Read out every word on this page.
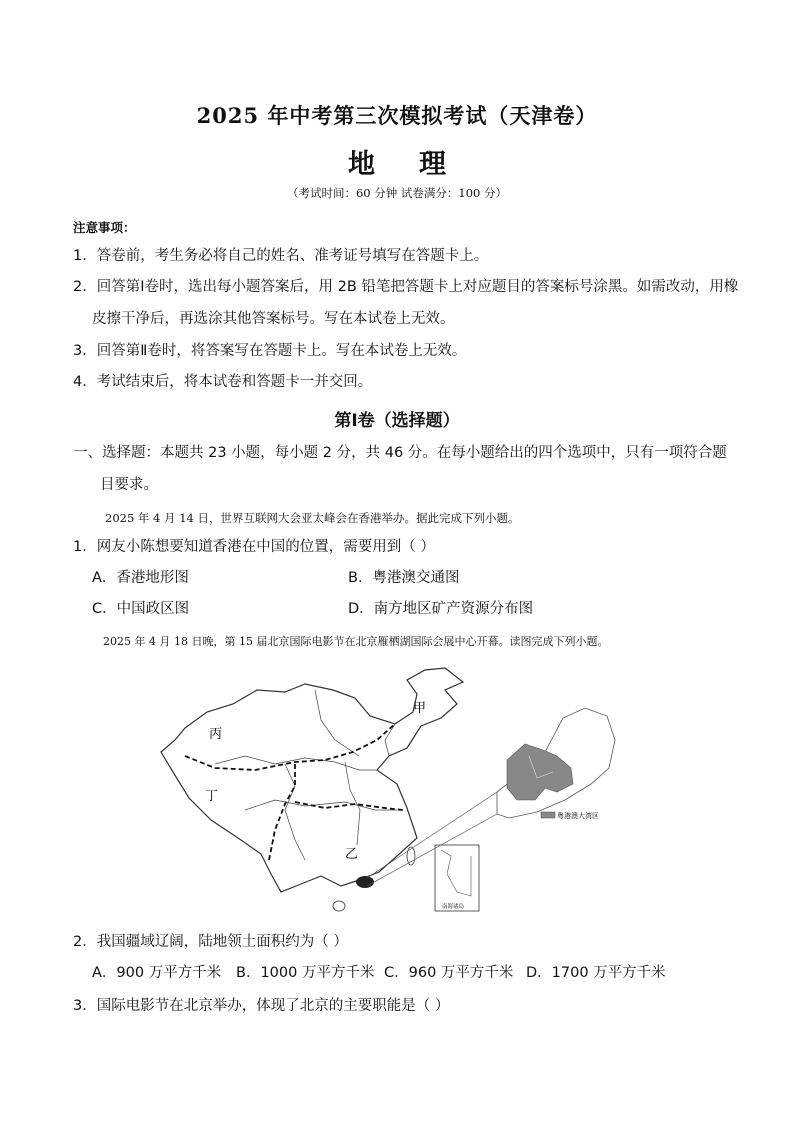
2025 年中考第三次模拟考试（天津卷）
地 理
（考试时间：60 分钟 试卷满分：100 分）
注意事项：
1．答卷前，考生务必将自己的姓名、准考证号填写在答题卡上。
2．回答第Ⅰ卷时，选出每小题答案后，用 2B 铅笔把答题卡上对应题目的答案标号涂黑。如需改动，用橡
皮擦干净后，再选涂其他答案标号。写在本试卷上无效。
3．回答第Ⅱ卷时，将答案写在答题卡上。写在本试卷上无效。
4．考试结束后，将本试卷和答题卡一并交回。
第Ⅰ卷（选择题）
一、选择题：本题共 23 小题，每小题 2 分，共 46 分。在每小题给出的四个选项中，只有一项符合题
目要求。
2025 年 4 月 14 日，世界互联网大会亚太峰会在香港举办。据此完成下列小题。
1．网友小陈想要知道香港在中国的位置，需要用到（ ）
A．香港地形图	B．粤港澳交通图
C．中国政区图	D．南方地区矿产资源分布图
2025 年 4 月 18 日晚，第 15 届北京国际电影节在北京雁栖湖国际会展中心开幕。读图完成下列小题。
甲
乙
丙
丁
南海诸岛
粤港澳大湾区
2．我国疆域辽阔，陆地领土面积约为（ ）
A．900 万平方千米 B．1000 万平方千米 C．960 万平方千米 D．1700 万平方千米
3．国际电影节在北京举办，体现了北京的主要职能是（ ）
